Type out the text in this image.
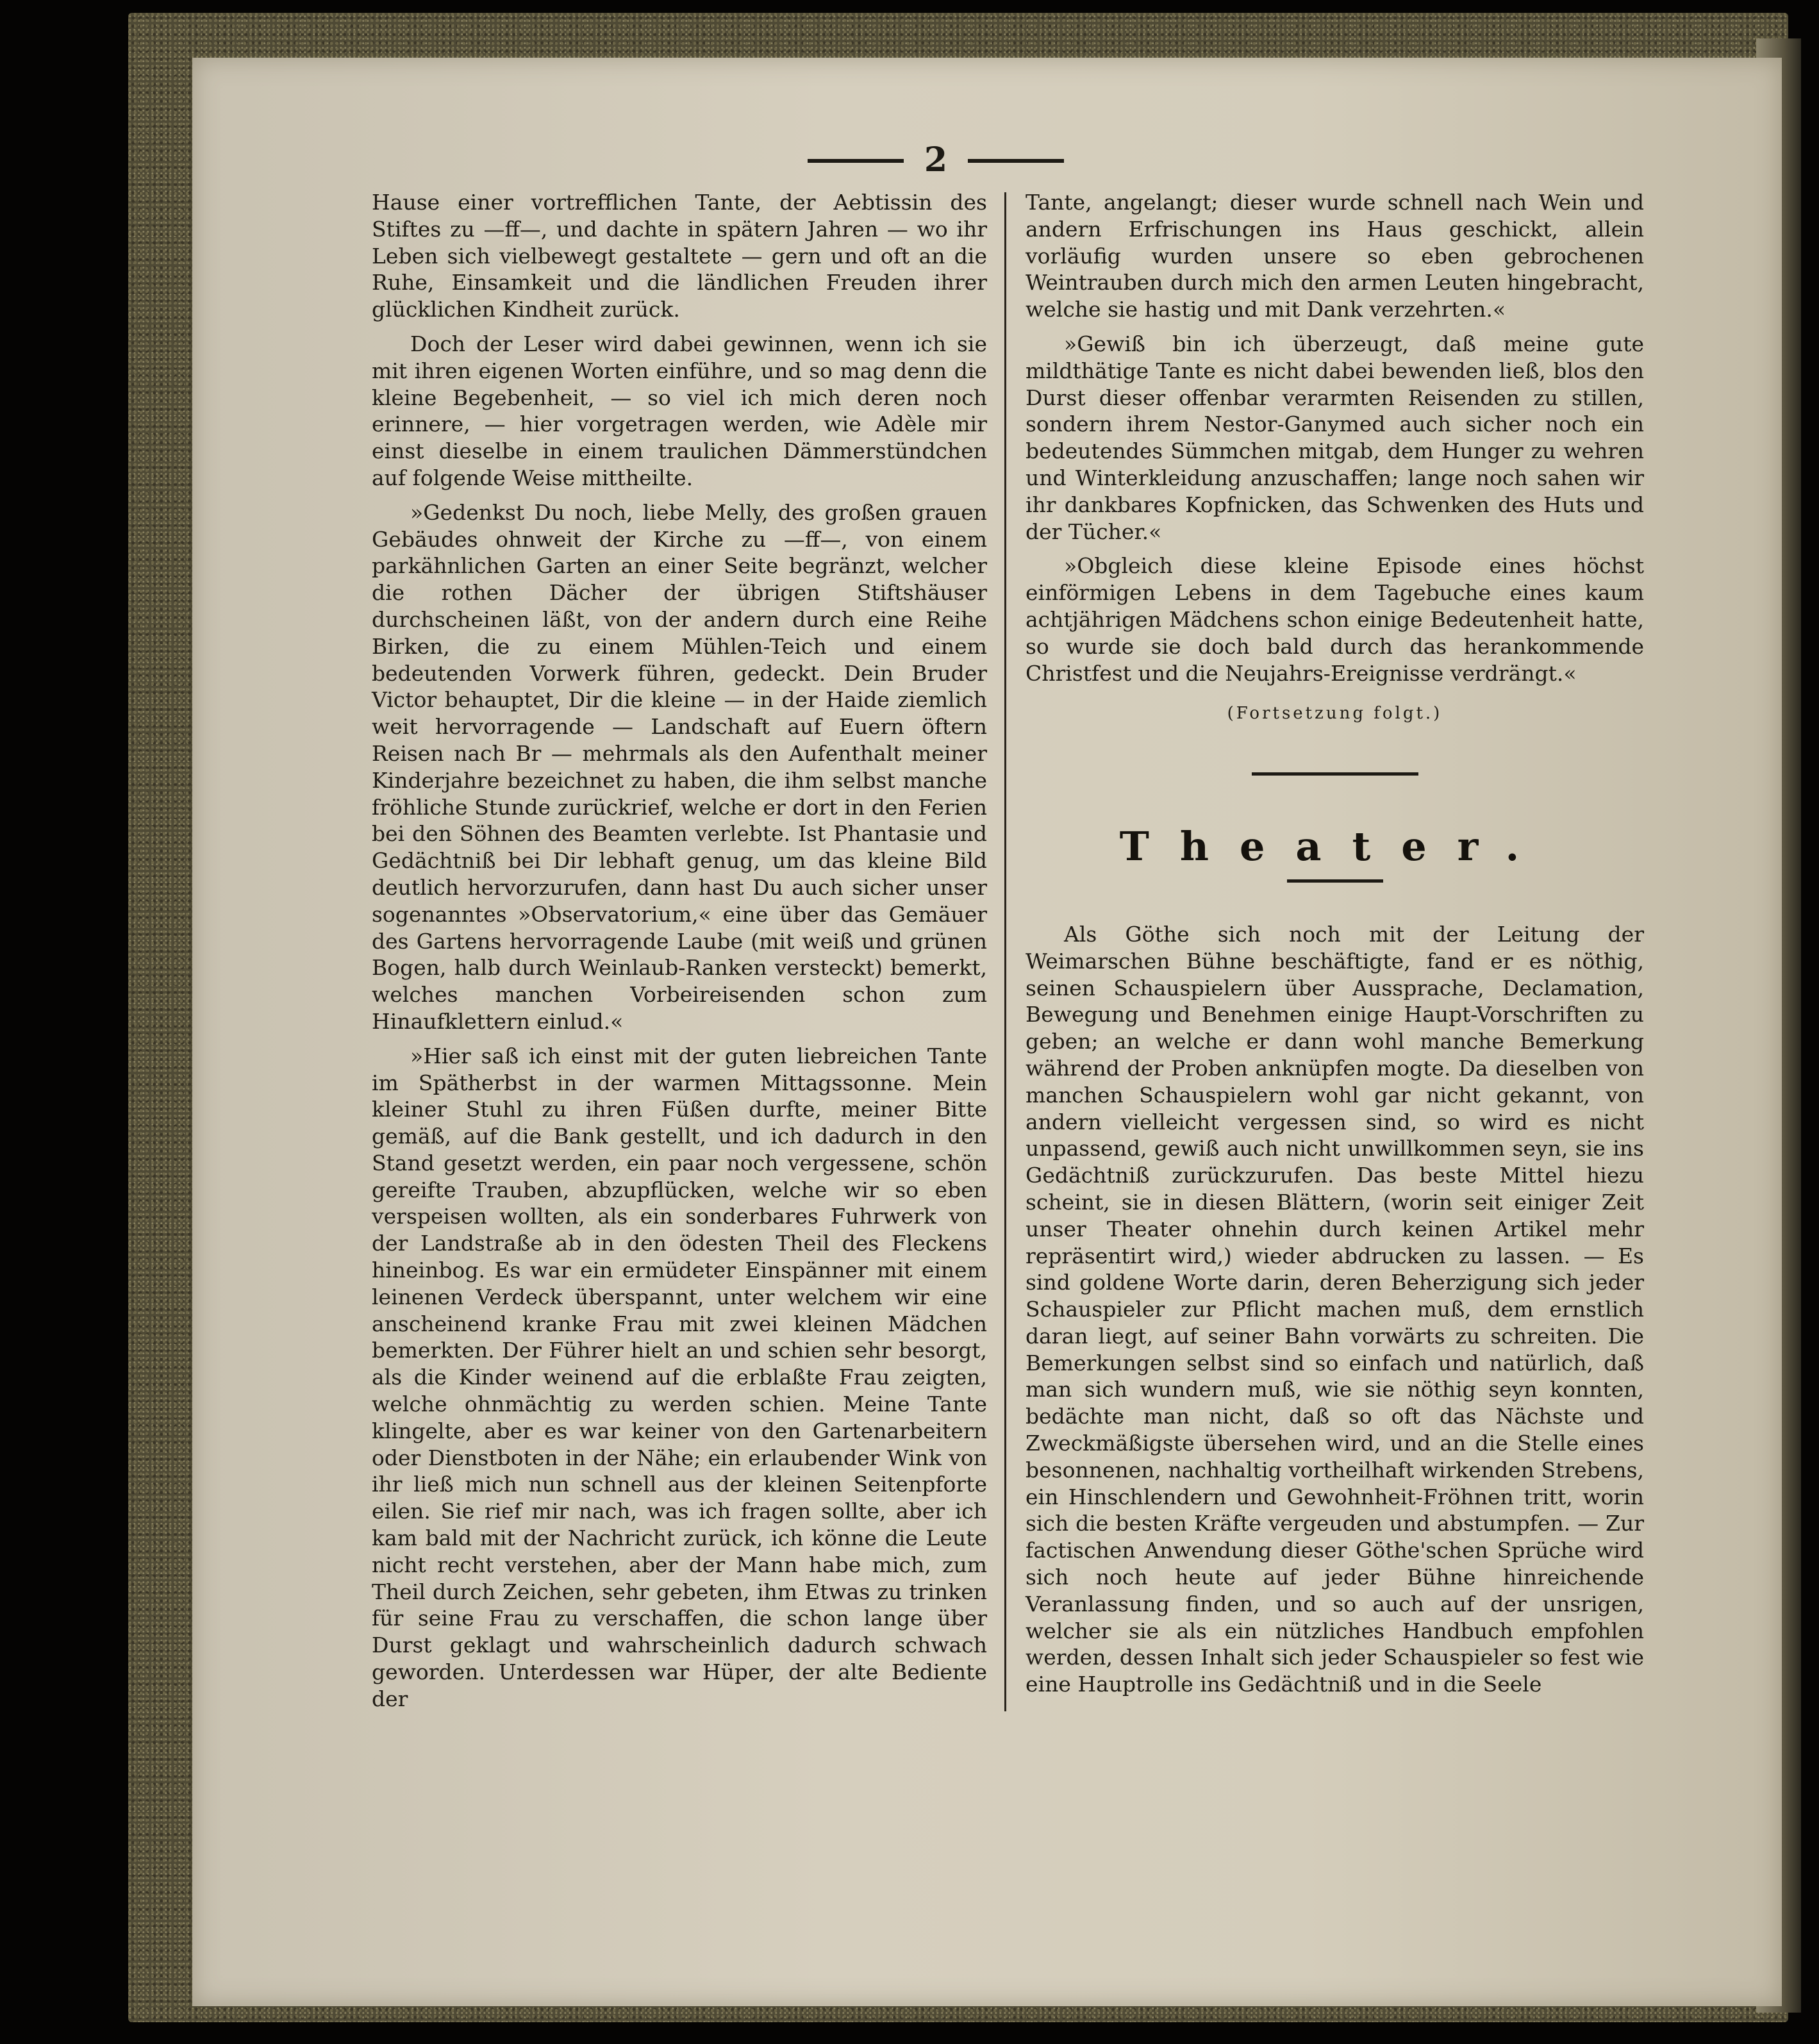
2

Hause einer vortrefflichen Tante, der Aebtissin des Stiftes zu —ff—, und dachte in spätern Jahren — wo ihr Leben sich vielbewegt gestaltete — gern und oft an die Ruhe, Einsamkeit und die ländlichen Freuden ihrer glücklichen Kindheit zurück.

Doch der Leser wird dabei gewinnen, wenn ich sie mit ihren eigenen Worten einführe, und so mag denn die kleine Begebenheit, — so viel ich mich deren noch erinnere, — hier vorgetragen werden, wie Adèle mir einst dieselbe in einem traulichen Dämmerstündchen auf folgende Weise mittheilte.

»Gedenkst Du noch, liebe Melly, des großen grauen Gebäudes ohnweit der Kirche zu —ff—, von einem parkähnlichen Garten an einer Seite begränzt, welcher die rothen Dächer der übrigen Stiftshäuser durchscheinen läßt, von der andern durch eine Reihe Birken, die zu einem Mühlen-Teich und einem bedeutenden Vorwerk führen, gedeckt. Dein Bruder Victor behauptet, Dir die kleine — in der Haide ziemlich weit hervorragende — Landschaft auf Euern öftern Reisen nach Br — mehrmals als den Aufenthalt meiner Kinderjahre bezeichnet zu haben, die ihm selbst manche fröhliche Stunde zurückrief, welche er dort in den Ferien bei den Söhnen des Beamten verlebte. Ist Phantasie und Gedächtniß bei Dir lebhaft genug, um das kleine Bild deutlich hervorzurufen, dann hast Du auch sicher unser sogenanntes »Observatorium,« eine über das Gemäuer des Gartens hervorragende Laube (mit weiß und grünen Bogen, halb durch Weinlaub-Ranken versteckt) bemerkt, welches manchen Vorbeireisenden schon zum Hinaufklettern einlud.«

»Hier saß ich einst mit der guten liebreichen Tante im Spätherbst in der warmen Mittagssonne. Mein kleiner Stuhl zu ihren Füßen durfte, meiner Bitte gemäß, auf die Bank gestellt, und ich dadurch in den Stand gesetzt werden, ein paar noch vergessene, schön gereifte Trauben, abzupflücken, welche wir so eben verspeisen wollten, als ein sonderbares Fuhrwerk von der Landstraße ab in den ödesten Theil des Fleckens hineinbog. Es war ein ermüdeter Einspänner mit einem leinenen Verdeck überspannt, unter welchem wir eine anscheinend kranke Frau mit zwei kleinen Mädchen bemerkten. Der Führer hielt an und schien sehr besorgt, als die Kinder weinend auf die erblaßte Frau zeigten, welche ohnmächtig zu werden schien. Meine Tante klingelte, aber es war keiner von den Gartenarbeitern oder Dienstboten in der Nähe; ein erlaubender Wink von ihr ließ mich nun schnell aus der kleinen Seitenpforte eilen. Sie rief mir nach, was ich fragen sollte, aber ich kam bald mit der Nachricht zurück, ich könne die Leute nicht recht verstehen, aber der Mann habe mich, zum Theil durch Zeichen, sehr gebeten, ihm Etwas zu trinken für seine Frau zu verschaffen, die schon lange über Durst geklagt und wahrscheinlich dadurch schwach geworden. Unterdessen war Hüper, der alte Bediente der

Tante, angelangt; dieser wurde schnell nach Wein und andern Erfrischungen ins Haus geschickt, allein vorläufig wurden unsere so eben gebrochenen Weintrauben durch mich den armen Leuten hingebracht, welche sie hastig und mit Dank verzehrten.«

»Gewiß bin ich überzeugt, daß meine gute mildthätige Tante es nicht dabei bewenden ließ, blos den Durst dieser offenbar verarmten Reisenden zu stillen, sondern ihrem Nestor-Ganymed auch sicher noch ein bedeutendes Sümmchen mitgab, dem Hunger zu wehren und Winterkleidung anzuschaffen; lange noch sahen wir ihr dankbares Kopfnicken, das Schwenken des Huts und der Tücher.«

»Obgleich diese kleine Episode eines höchst einförmigen Lebens in dem Tagebuche eines kaum achtjährigen Mädchens schon einige Bedeutenheit hatte, so wurde sie doch bald durch das herankommende Christfest und die Neujahrs-Ereignisse verdrängt.«

(Fortsetzung folgt.)
Theater.

Als Göthe sich noch mit der Leitung der Weimarschen Bühne beschäftigte, fand er es nöthig, seinen Schauspielern über Aussprache, Declamation, Bewegung und Benehmen einige Haupt-Vorschriften zu geben; an welche er dann wohl manche Bemerkung während der Proben anknüpfen mogte. Da dieselben von manchen Schauspielern wohl gar nicht gekannt, von andern vielleicht vergessen sind, so wird es nicht unpassend, gewiß auch nicht unwillkommen seyn, sie ins Gedächtniß zurückzurufen. Das beste Mittel hiezu scheint, sie in diesen Blättern, (worin seit einiger Zeit unser Theater ohnehin durch keinen Artikel mehr repräsentirt wird,) wieder abdrucken zu lassen. — Es sind goldene Worte darin, deren Beherzigung sich jeder Schauspieler zur Pflicht machen muß, dem ernstlich daran liegt, auf seiner Bahn vorwärts zu schreiten. Die Bemerkungen selbst sind so einfach und natürlich, daß man sich wundern muß, wie sie nöthig seyn konnten, bedächte man nicht, daß so oft das Nächste und Zweckmäßigste übersehen wird, und an die Stelle eines besonnenen, nachhaltig vortheilhaft wirkenden Strebens, ein Hinschlendern und Gewohnheit-Fröhnen tritt, worin sich die besten Kräfte vergeuden und abstumpfen. — Zur factischen Anwendung dieser Göthe'schen Sprüche wird sich noch heute auf jeder Bühne hinreichende Veranlassung finden, und so auch auf der unsrigen, welcher sie als ein nützliches Handbuch empfohlen werden, dessen Inhalt sich jeder Schauspieler so fest wie eine Hauptrolle ins Gedächtniß und in die Seele
